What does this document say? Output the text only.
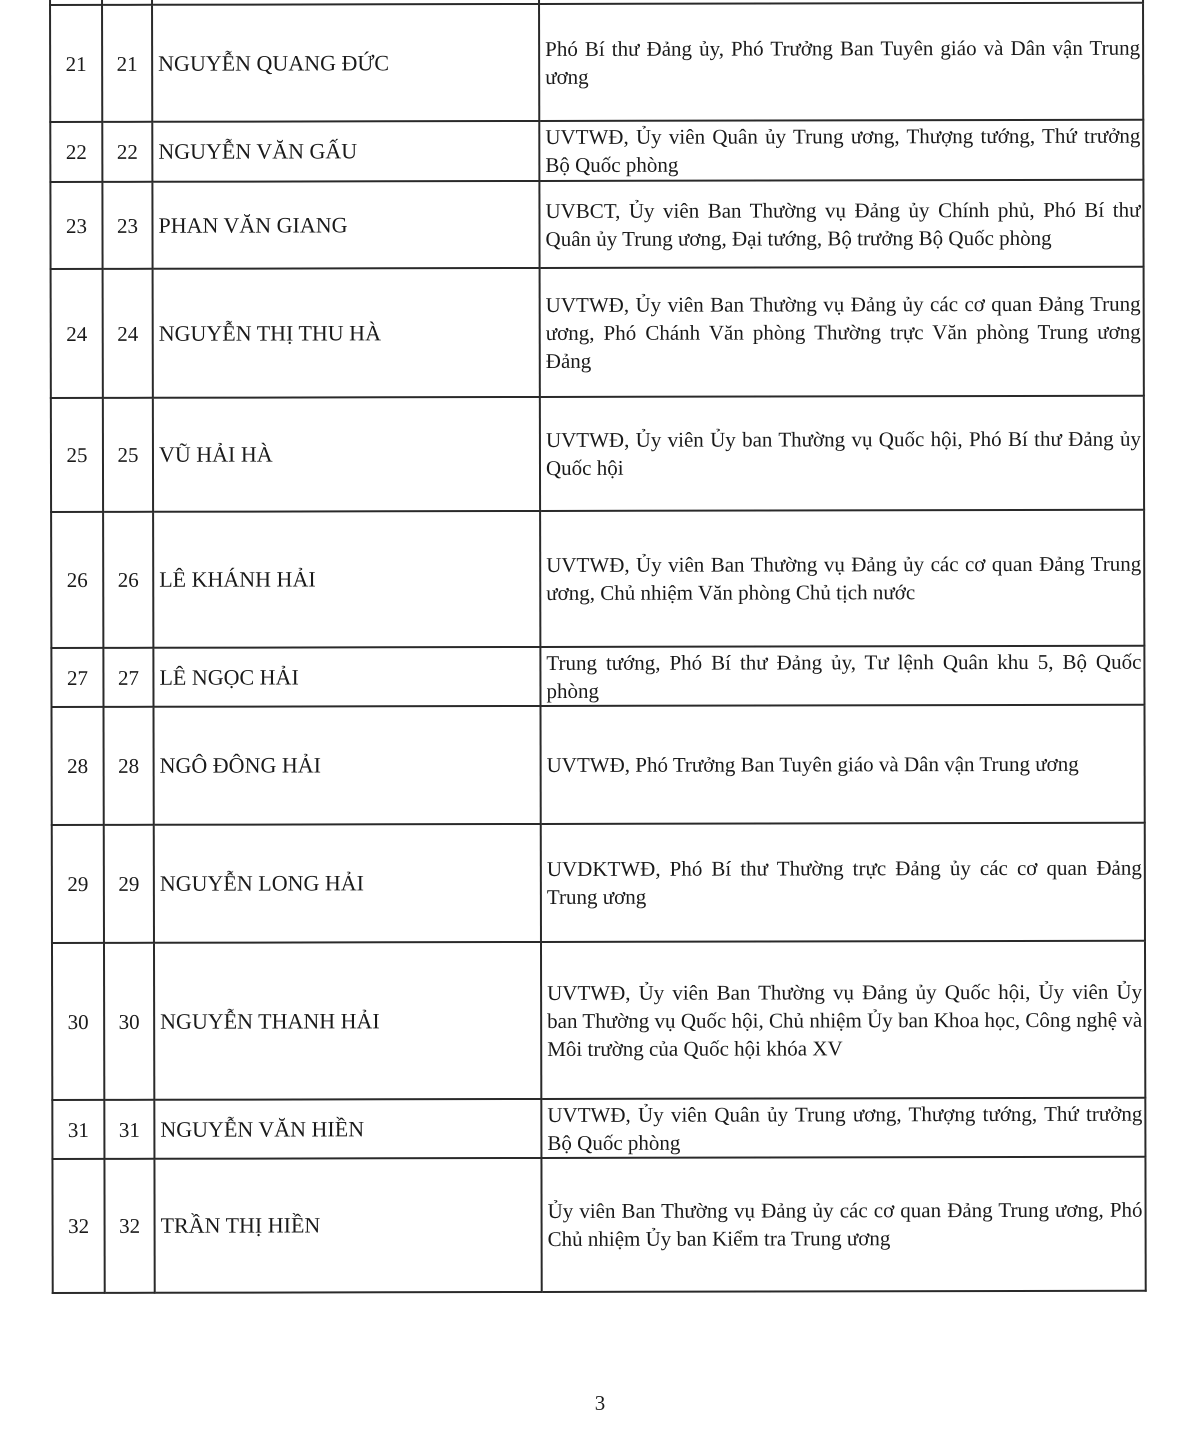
21	21	NGUYỄN QUANG ĐỨC	Phó Bí thư Đảng ủy, Phó Trưởng Ban Tuyên giáo và Dân vận Trung ương
22	22	NGUYỄN VĂN GẤU	UVTWĐ, Ủy viên Quân ủy Trung ương, Thượng tướng, Thứ trưởng Bộ Quốc phòng
23	23	PHAN VĂN GIANG	UVBCT, Ủy viên Ban Thường vụ Đảng ủy Chính phủ, Phó Bí thư Quân ủy Trung ương, Đại tướng, Bộ trưởng Bộ Quốc phòng
24	24	NGUYỄN THỊ THU HÀ	UVTWĐ, Ủy viên Ban Thường vụ Đảng ủy các cơ quan Đảng Trung ương, Phó Chánh Văn phòng Thường trực Văn phòng Trung ương Đảng
25	25	VŨ HẢI HÀ	UVTWĐ, Ủy viên Ủy ban Thường vụ Quốc hội, Phó Bí thư Đảng ủy Quốc hội
26	26	LÊ KHÁNH HẢI	UVTWĐ, Ủy viên Ban Thường vụ Đảng ủy các cơ quan Đảng Trung ương, Chủ nhiệm Văn phòng Chủ tịch nước
27	27	LÊ NGỌC HẢI	Trung tướng, Phó Bí thư Đảng ủy, Tư lệnh Quân khu 5, Bộ Quốc phòng
28	28	NGÔ ĐÔNG HẢI	UVTWĐ, Phó Trưởng Ban Tuyên giáo và Dân vận Trung ương
29	29	NGUYỄN LONG HẢI	UVDKTWĐ, Phó Bí thư Thường trực Đảng ủy các cơ quan Đảng Trung ương
30	30	NGUYỄN THANH HẢI	UVTWĐ, Ủy viên Ban Thường vụ Đảng ủy Quốc hội, Ủy viên Ủy ban Thường vụ Quốc hội, Chủ nhiệm Ủy ban Khoa học, Công nghệ và Môi trường của Quốc hội khóa XV
31	31	NGUYỄN VĂN HIỀN	UVTWĐ, Ủy viên Quân ủy Trung ương, Thượng tướng, Thứ trưởng Bộ Quốc phòng
32	32	TRẦN THỊ HIỀN	Ủy viên Ban Thường vụ Đảng ủy các cơ quan Đảng Trung ương, Phó Chủ nhiệm Ủy ban Kiểm tra Trung ương
3
